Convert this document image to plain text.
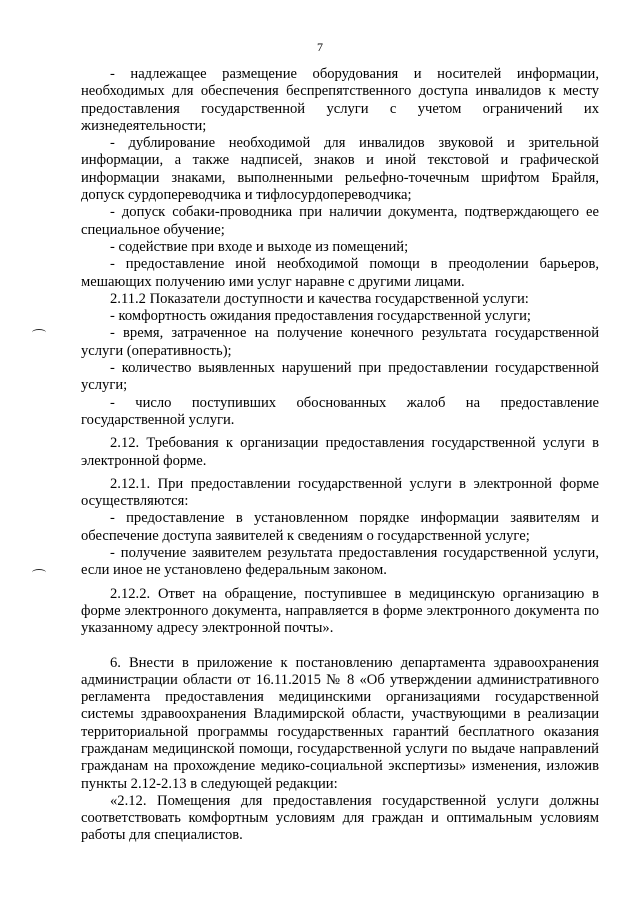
7

- надлежащее размещение оборудования и носителей информации, необходимых для обеспечения беспрепятственного доступа инвалидов к месту предоставления государственной услуги с учетом ограничений их жизнедеятельности;

- дублирование необходимой для инвалидов звуковой и зрительной информации, а также надписей, знаков и иной текстовой и графической информации знаками, выполненными рельефно-точечным шрифтом Брайля, допуск сурдопереводчика и тифлосурдопереводчика;

- допуск собаки-проводника при наличии документа, подтверждающего ее специальное обучение;

- содействие при входе и выходе из помещений;

- предоставление иной необходимой помощи в преодолении барьеров, мешающих получению ими услуг наравне с другими лицами.

2.11.2 Показатели доступности и качества государственной услуги:

- комфортность ожидания предоставления государственной услуги;

- время, затраченное на получение конечного результата государственной услуги (оперативность);

- количество выявленных нарушений при предоставлении государственной услуги;

- число поступивших обоснованных жалоб на предоставление государственной услуги.

2.12. Требования к организации предоставления государственной услуги в электронной форме.

2.12.1. При предоставлении государственной услуги в электронной форме осуществляются:

- предоставление в установленном порядке информации заявителям и обеспечение доступа заявителей к сведениям о государственной услуге;

- получение заявителем результата предоставления государственной услуги, если иное не установлено федеральным законом.

2.12.2. Ответ на обращение, поступившее в медицинскую организацию в форме электронного документа, направляется в форме электронного документа по указанному адресу электронной почты».

6. Внести в приложение к постановлению департамента здравоохранения администрации области от 16.11.2015 № 8 «Об утверждении административного регламента предоставления медицинскими организациями государственной системы здравоохранения Владимирской области, участвующими в реализации территориальной программы государственных гарантий бесплатного оказания гражданам медицинской помощи, государственной услуги по выдаче направлений гражданам на прохождение медико-социальной экспертизы» изменения, изложив пункты 2.12-2.13 в следующей редакции:

«2.12. Помещения для предоставления государственной услуги должны соответствовать комфортным условиям для граждан и оптимальным условиям работы для специалистов.
